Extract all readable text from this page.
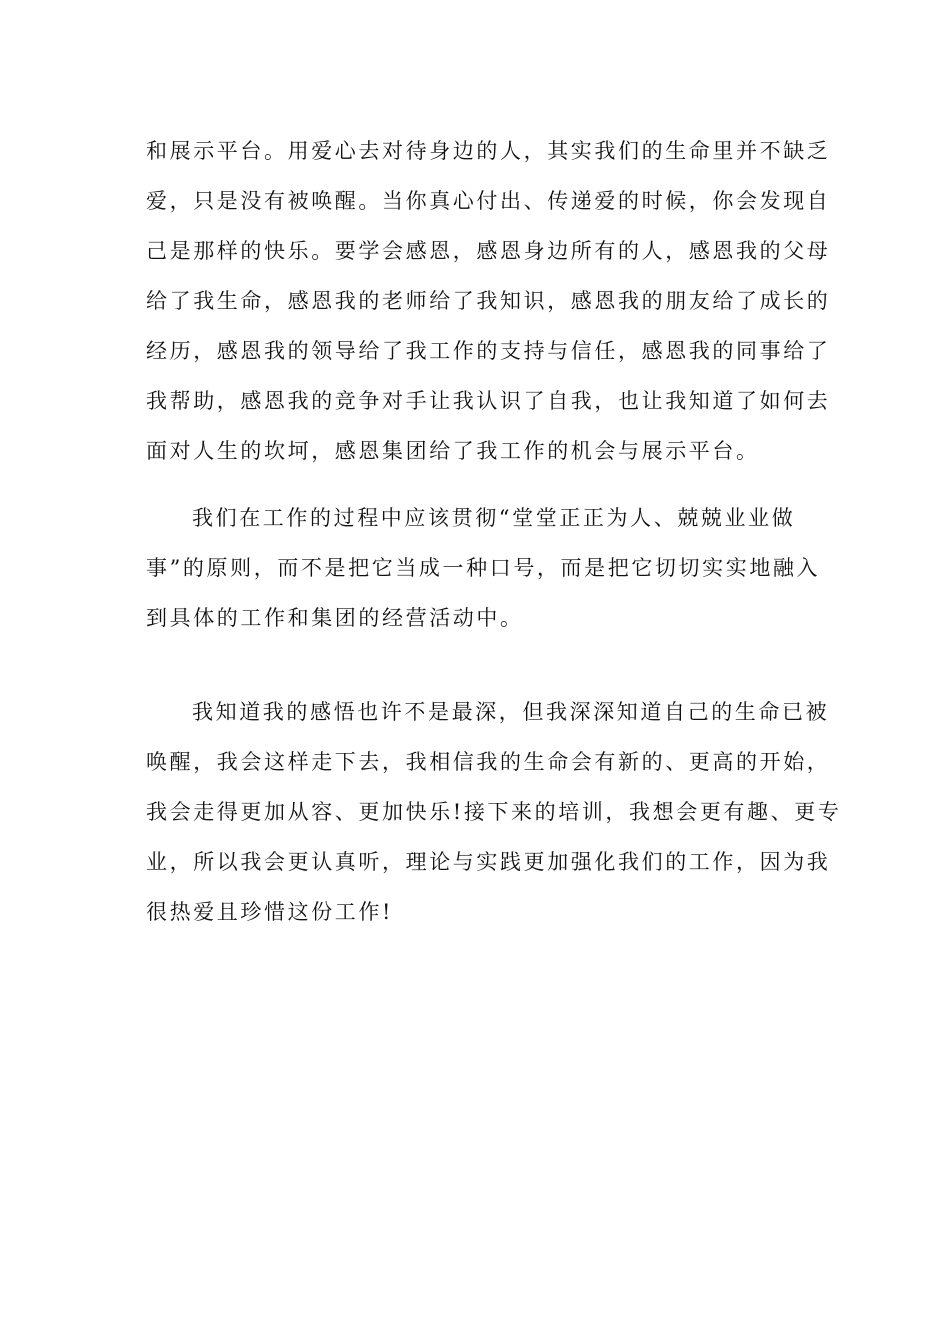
和展示平台。用爱心去对待身边的人，其实我们的生命里并不缺乏
爱，只是没有被唤醒。当你真心付出、传递爱的时候，你会发现自
己是那样的快乐。要学会感恩，感恩身边所有的人，感恩我的父母
给了我生命，感恩我的老师给了我知识，感恩我的朋友给了成长的
经历，感恩我的领导给了我工作的支持与信任，感恩我的同事给了
我帮助，感恩我的竞争对手让我认识了自我，也让我知道了如何去
面对人生的坎坷，感恩集团给了我工作的机会与展示平台。
我们在工作的过程中应该贯彻“堂堂正正为人、兢兢业业做
事”的原则，而不是把它当成一种口号，而是把它切切实实地融入
到具体的工作和集团的经营活动中。
我知道我的感悟也许不是最深，但我深深知道自己的生命已被
唤醒，我会这样走下去，我相信我的生命会有新的、更高的开始，
我会走得更加从容、更加快乐!接下来的培训，我想会更有趣、更专
业，所以我会更认真听，理论与实践更加强化我们的工作，因为我
很热爱且珍惜这份工作!
